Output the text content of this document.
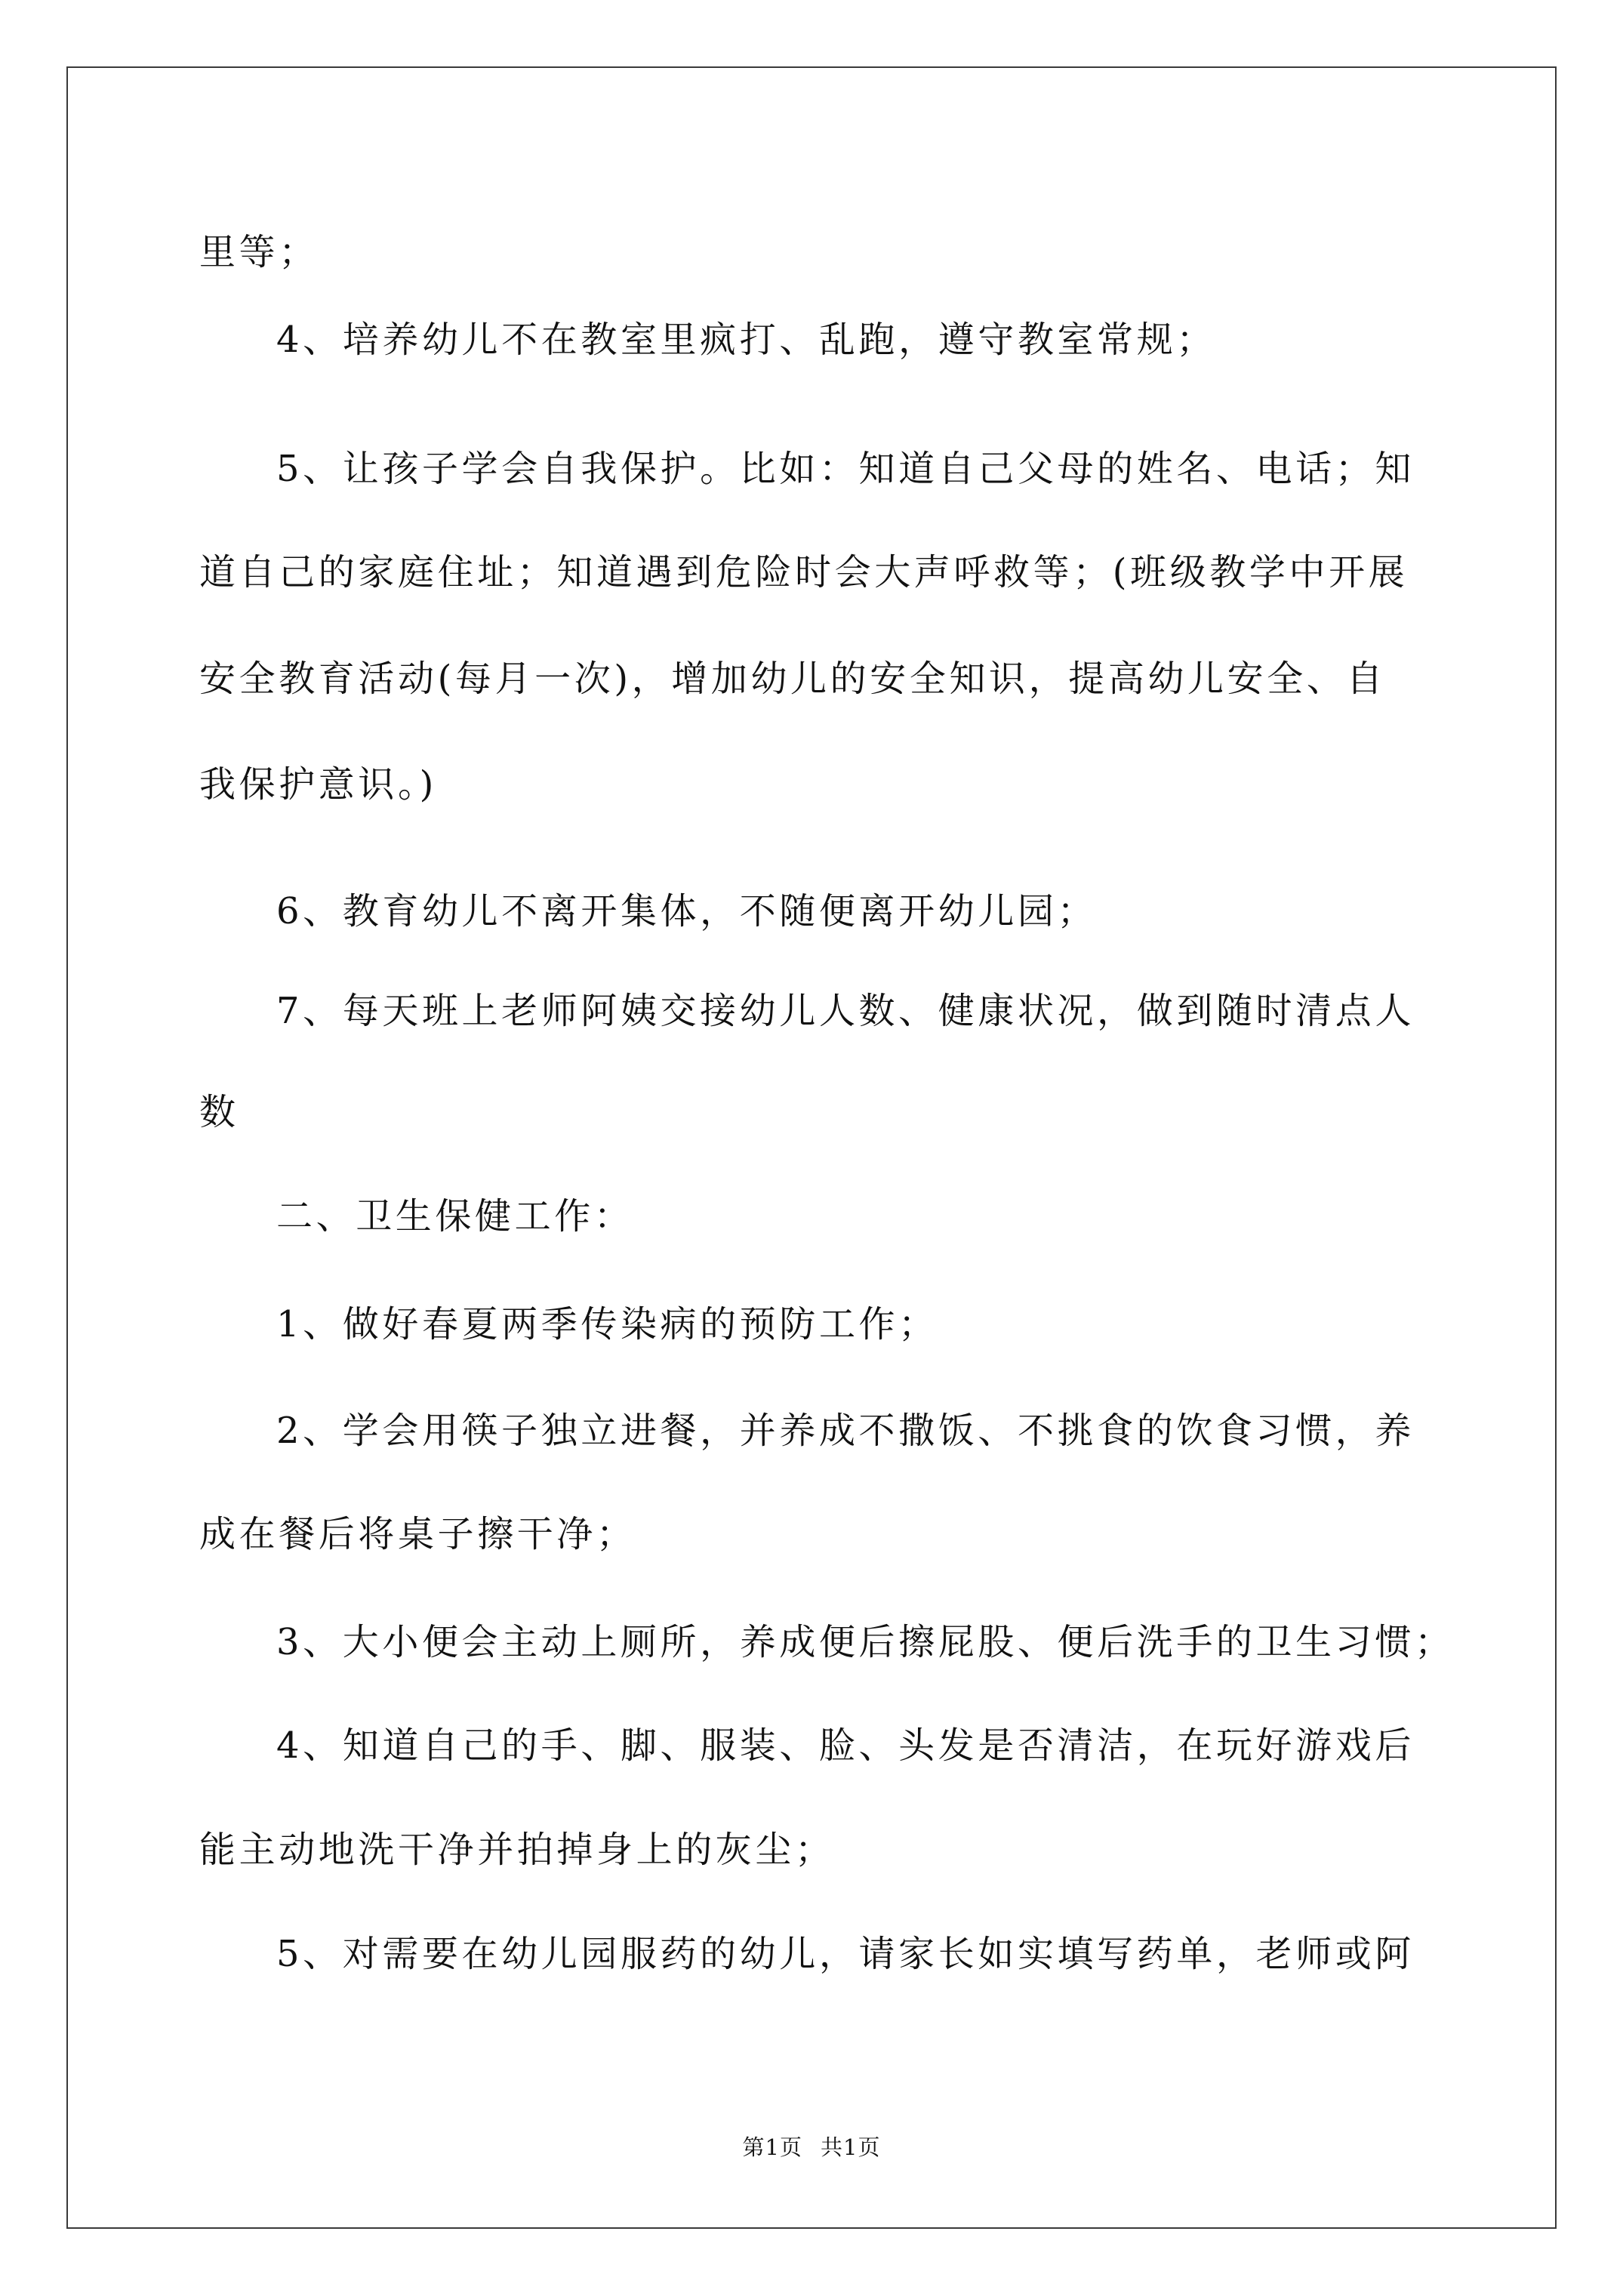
里等；
4、培养幼儿不在教室里疯打、乱跑，遵守教室常规；
5、让孩子学会自我保护。比如：知道自己父母的姓名、电话；知
道自己的家庭住址；知道遇到危险时会大声呼救等；(班级教学中开展
安全教育活动(每月一次)，增加幼儿的安全知识，提高幼儿安全、自
我保护意识。)
6、教育幼儿不离开集体，不随便离开幼儿园；
7、每天班上老师阿姨交接幼儿人数、健康状况，做到随时清点人
数
二、卫生保健工作：
1、做好春夏两季传染病的预防工作；
2、学会用筷子独立进餐，并养成不撒饭、不挑食的饮食习惯，养
成在餐后将桌子擦干净；
3、大小便会主动上厕所，养成便后擦屁股、便后洗手的卫生习惯；
4、知道自己的手、脚、服装、脸、头发是否清洁，在玩好游戏后
能主动地洗干净并拍掉身上的灰尘；
5、对需要在幼儿园服药的幼儿，请家长如实填写药单，老师或阿
第1页 共1页
